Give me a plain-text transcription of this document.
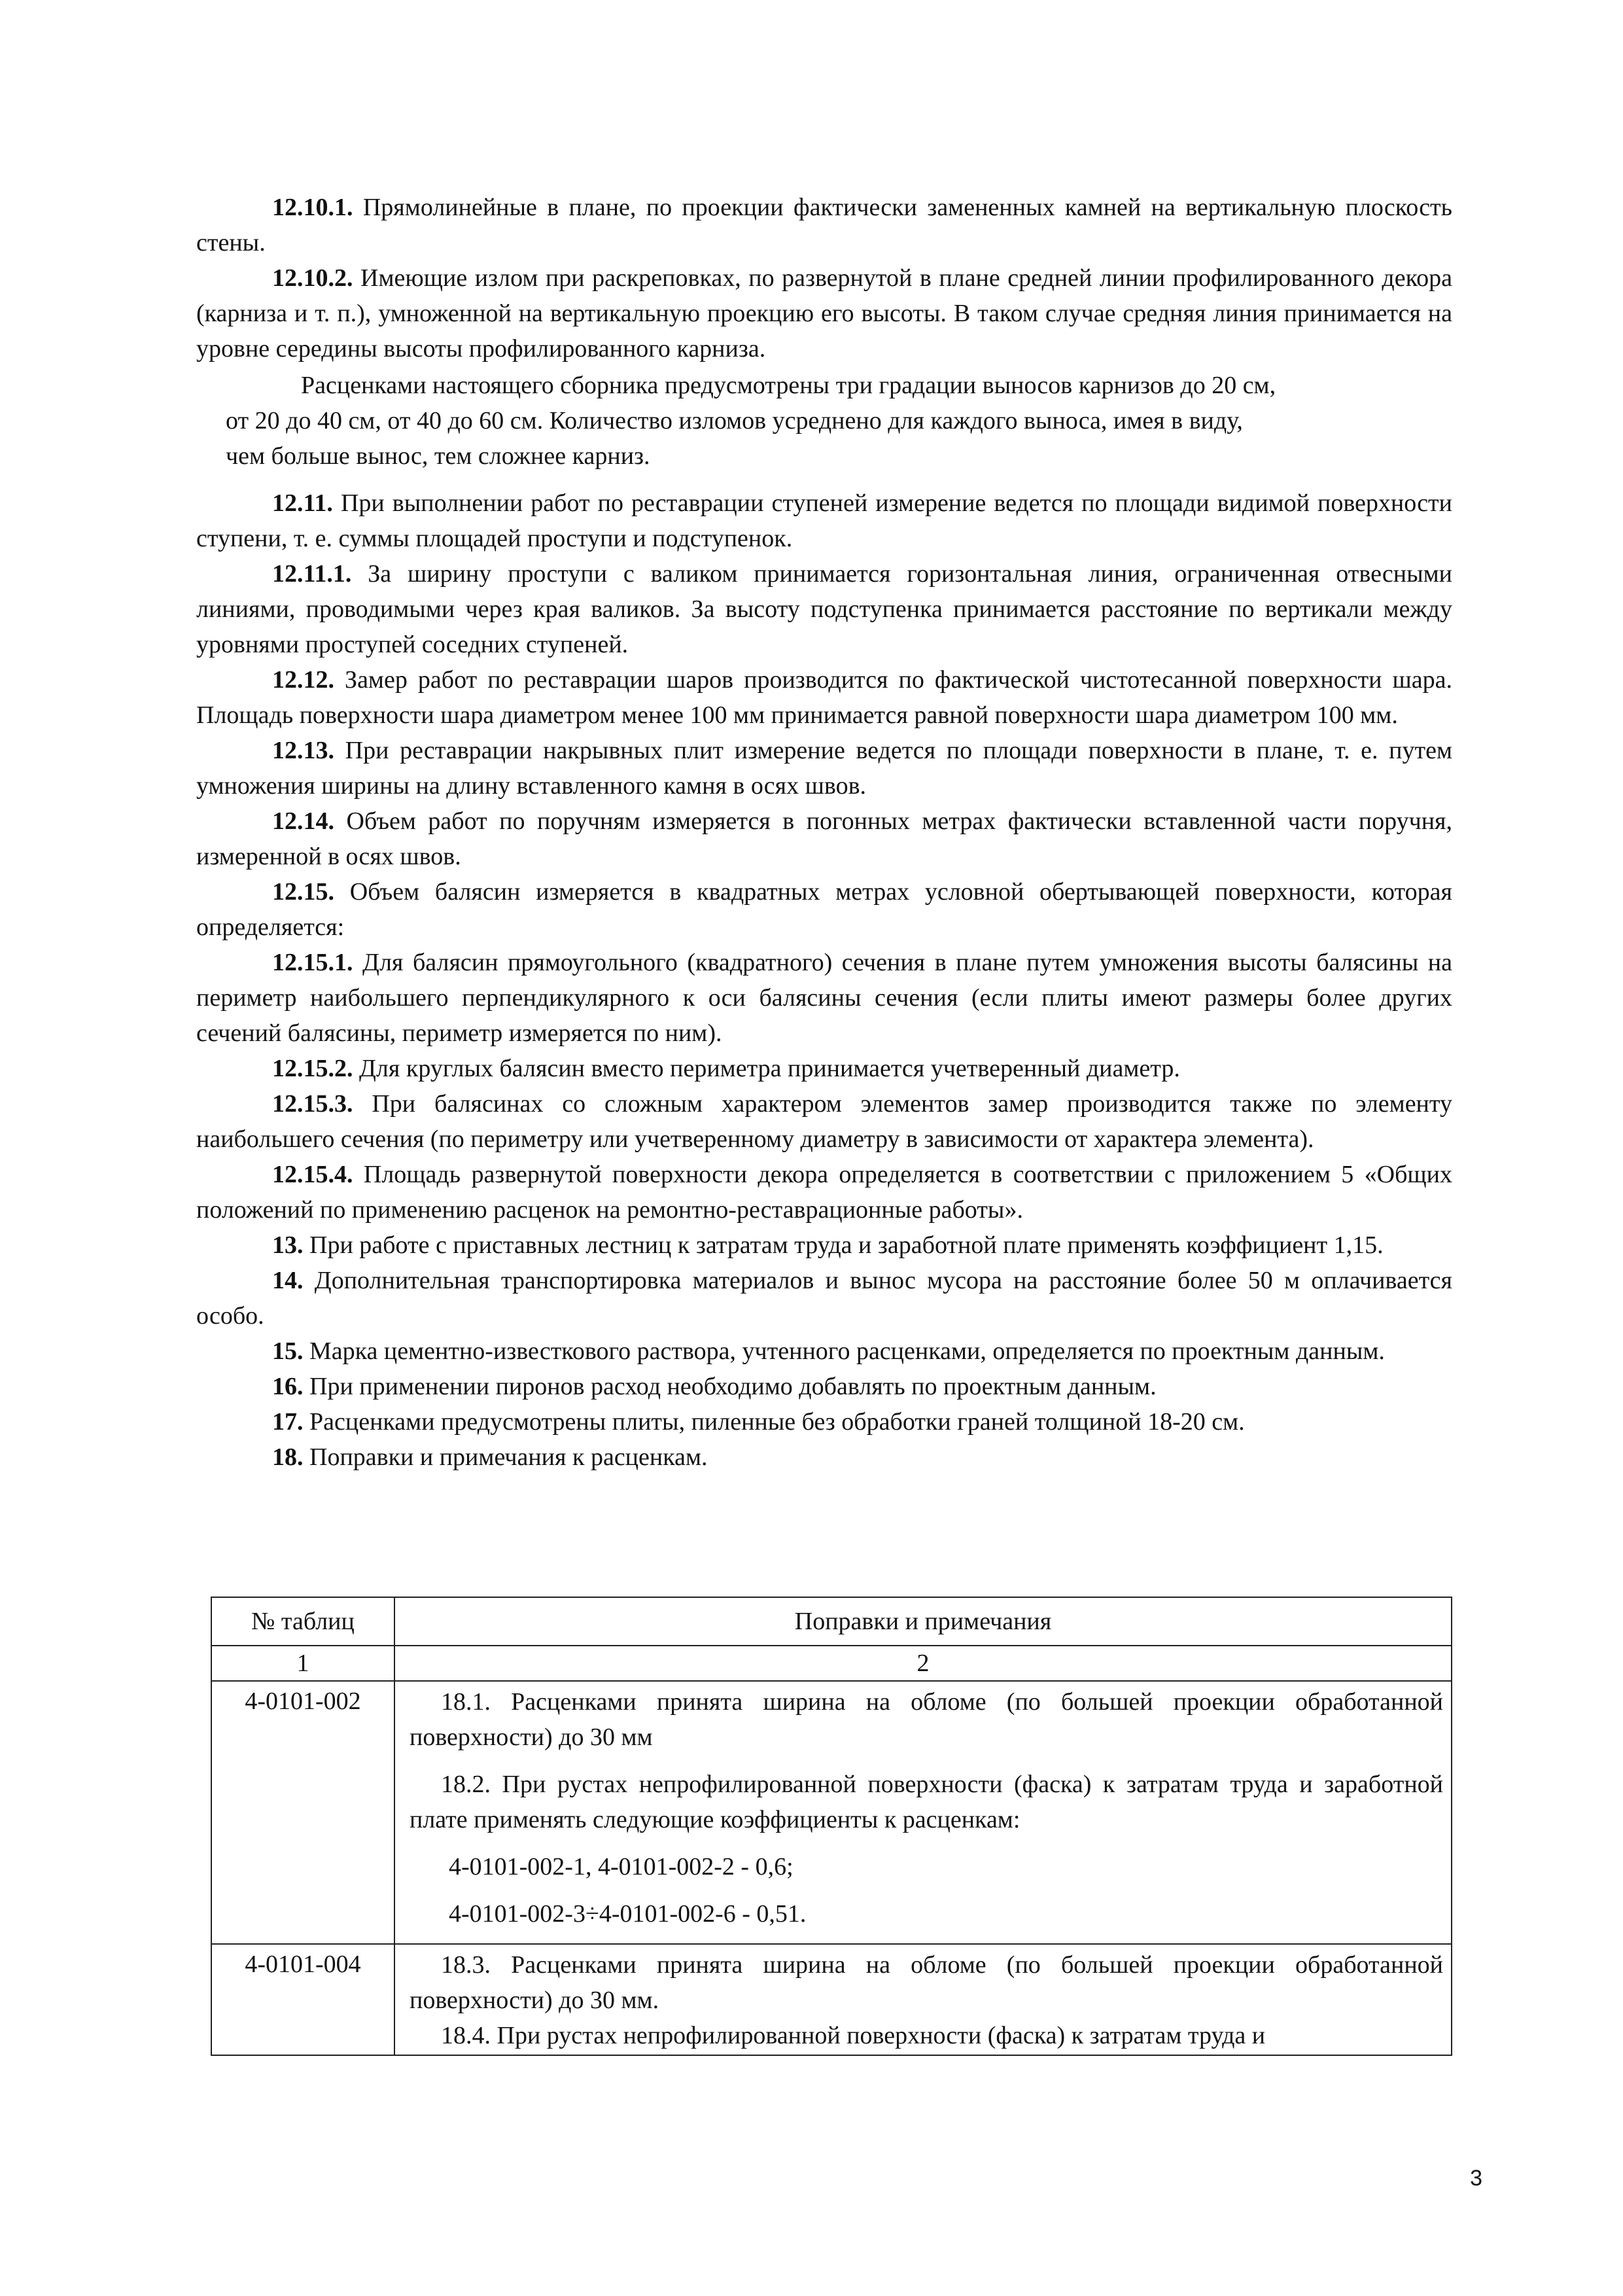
12.10.1. Прямолинейные в плане, по проекции фактически замененных камней на вертикальную плоскость стены.

12.10.2. Имеющие излом при раскреповках, по развернутой в плане средней линии профилированного декора (карниза и т. п.), умноженной на вертикальную проекцию его высоты. В таком случае средняя линия принимается на уровне середины высоты профилированного карниза.

Расценками настоящего сборника предусмотрены три градации выносов карнизов до 20 см,

от 20 до 40 см, от 40 до 60 см. Количество изломов усреднено для каждого выноса, имея в виду,

чем больше вынос, тем сложнее карниз.

12.11. При выполнении работ по реставрации ступеней измерение ведется по площади видимой поверхности ступени, т. е. суммы площадей проступи и подступенок.

12.11.1. За ширину проступи с валиком принимается горизонтальная линия, ограниченная отвесными линиями, проводимыми через края валиков. За высоту подступенка принимается расстояние по вертикали между уровнями проступей соседних ступеней.

12.12. Замер работ по реставрации шаров производится по фактической чистотесанной поверхности шара. Площадь поверхности шара диаметром менее 100 мм принимается равной поверхности шара диаметром 100 мм.

12.13. При реставрации накрывных плит измерение ведется по площади поверхности в плане, т. е. путем умножения ширины на длину вставленного камня в осях швов.

12.14. Объем работ по поручням измеряется в погонных метрах фактически вставленной части поручня, измеренной в осях швов.

12.15. Объем балясин измеряется в квадратных метрах условной обертывающей поверхности, которая определяется:

12.15.1. Для балясин прямоугольного (квадратного) сечения в плане путем умножения высоты балясины на периметр наибольшего перпендикулярного к оси балясины сечения (если плиты имеют размеры более других сечений балясины, периметр измеряется по ним).

12.15.2. Для круглых балясин вместо периметра принимается учетверенный диаметр.

12.15.3. При балясинах со сложным характером элементов замер производится также по элементу наибольшего сечения (по периметру или учетверенному диаметру в зависимости от характера элемента).

12.15.4. Площадь развернутой поверхности декора определяется в соответствии с приложением 5 «Общих положений по применению расценок на ремонтно-реставрационные работы».

13. При работе с приставных лестниц к затратам труда и заработной плате применять коэффициент 1,15.

14. Дополнительная транспортировка материалов и вынос мусора на расстояние более 50 м оплачивается особо.

15. Марка цементно-известкового раствора, учтенного расценками, определяется по проектным данным.

16. При применении пиронов расход необходимо добавлять по проектным данным.

17. Расценками предусмотрены плиты, пиленные без обработки граней толщиной 18-20 см.

18. Поправки и примечания к расценкам.

№ таблиц	Поправки и примечания
1	2
4-0101-002	18.1. Расценками принята ширина на обломе (по большей проекции обработанной поверхности) до 30 мм

18.2. При рустах непрофилированной поверхности (фаска) к затратам труда и заработной плате применять следующие коэффициенты к расценкам:

4-0101-002-1, 4-0101-002-2 - 0,6;

4-0101-002-3÷4-0101-002-6 - 0,51.

4-0101-004	18.3. Расценками принята ширина на обломе (по большей проекции обработанной поверхности) до 30 мм.

18.4. При рустах непрофилированной поверхности (фаска) к затратам труда и

3
